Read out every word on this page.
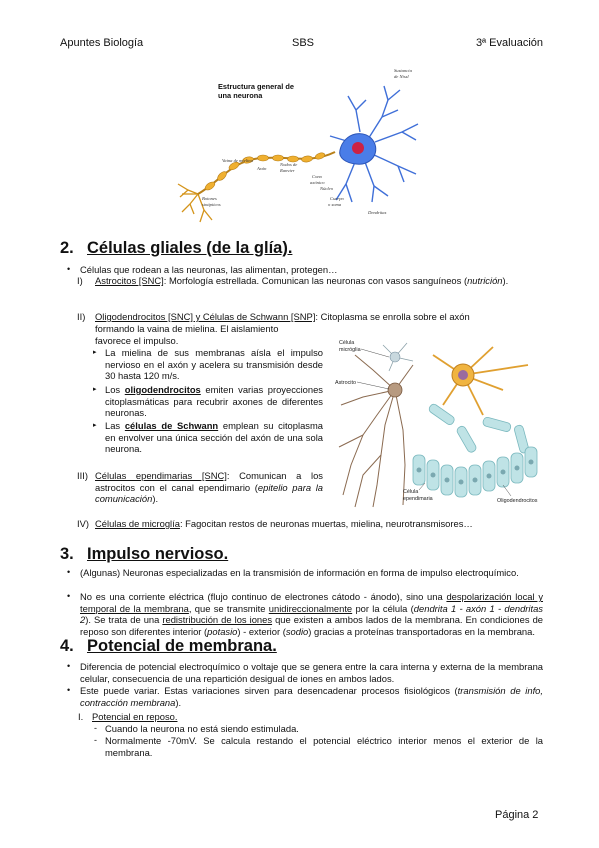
Apuntes Biología	SBS	3ª Evaluación
Estructura general de
una neurona
Botones
sinápticos
Vaina de mielina
Axón
Nodos de
Ranvier
Cono
axónico
Núcleo
Cuerpo
o soma
Dendritas
Sustancia
de Nissl
2. Células gliales (de la glía).
• Células que rodean a las neuronas, las alimentan, protegen…

I) Astrocitos [SNC]: Morfología estrellada. Comunican las neuronas con vasos sanguíneos (nutrición).

II) Oligodendrocitos [SNC] y Células de Schwann [SNP]: Citoplasma se enrolla sobre el axón

formando la vaina de mielina. El aislamiento

favorece el impulso.

▸ La mielina de sus membranas aísla el impulso nervioso en el axón y acelera su transmisión desde 30 hasta 120 m/s.

▸ Los oligodendrocitos emiten varias proyecciones citoplasmáticas para recubrir axones de diferentes neuronas.

▸ Las células de Schwann emplean su citoplasma en envolver una única sección del axón de una sola neurona.

III) Células ependimarias [SNC]: Comunican a los astrocitos con el canal ependimario (epitelio para la comunicación).

IV) Células de microglía: Fagocitan restos de neuronas muertas, mielina, neurotransmisores…

Célula
micróglia
Astrocito
Célula
ependimaria	Oligodendrocitos
3. Impulso nervioso.
• (Algunas) Neuronas especializadas en la transmisión de información en forma de impulso electroquímico.

• No es una corriente eléctrica (flujo continuo de electrones cátodo - ánodo), sino una despolarización local y temporal de la membrana, que se transmite unidireccionalmente por la célula (dendrita 1 - axón 1 - dendritas 2). Se trata de una redistribución de los iones que existen a ambos lados de la membrana. En condiciones de reposo son diferentes interior (potasio) - exterior (sodio) gracias a proteínas transportadoras en la membrana.

4. Potencial de membrana.
• Diferencia de potencial electroquímico o voltaje que se genera entre la cara interna y externa de la membrana celular, consecuencia de una repartición desigual de iones en ambos lados.

• Este puede variar. Estas variaciones sirven para desencadenar procesos fisiológicos (transmisión de info, contracción membrana).

I. Potencial en reposo.
- Cuando la neurona no está siendo estimulada.

- Normalmente -70mV. Se calcula restando el potencial eléctrico interior menos el exterior de la membrana.

Página 2
